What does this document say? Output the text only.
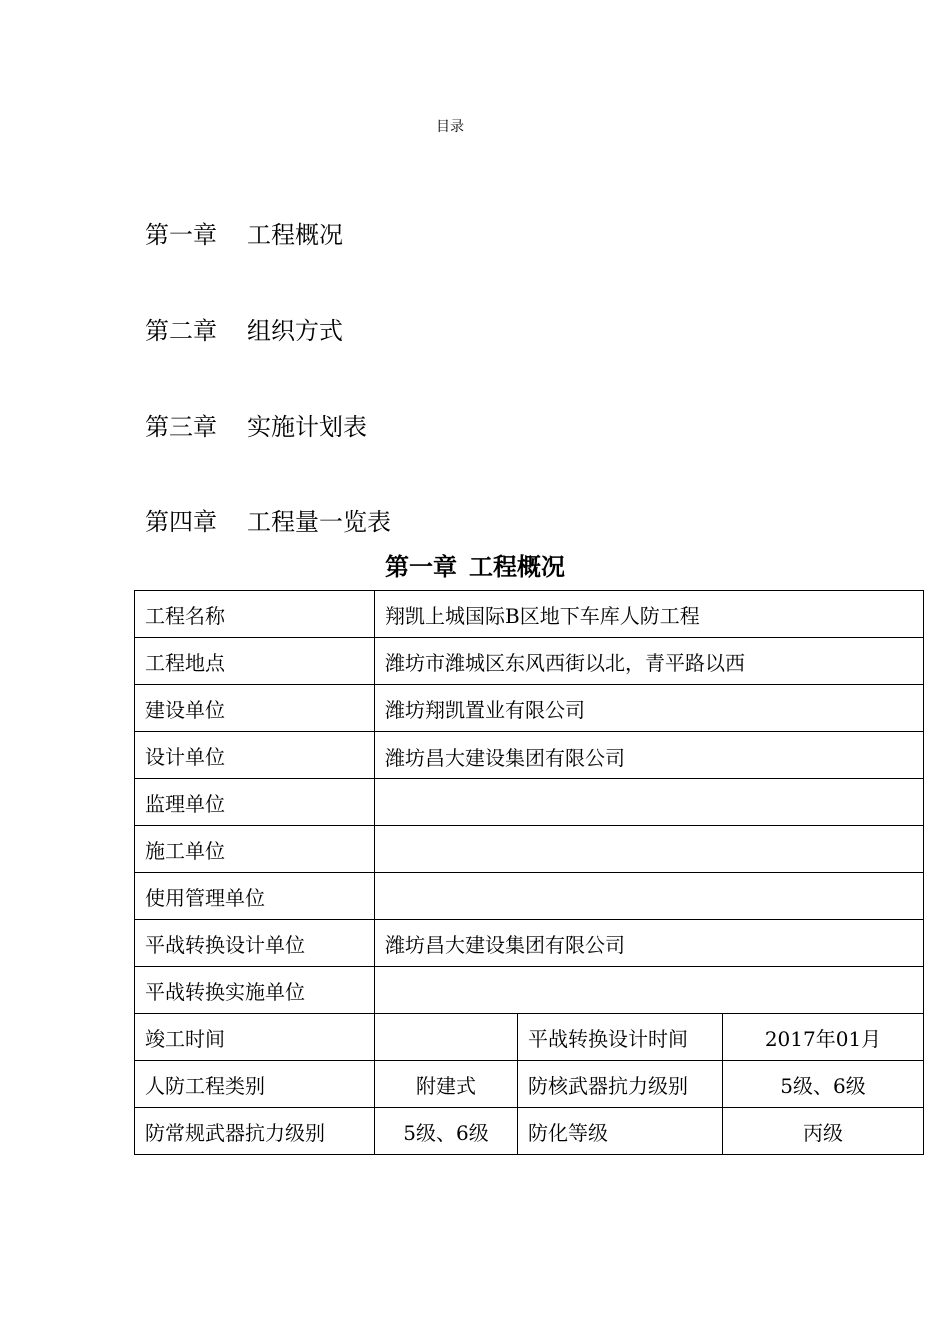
目录
第一章 工程概况
第二章 组织方式
第三章 实施计划表
第四章 工程量一览表
第一章 工程概况
工程名称	翔凯上城国际B区地下车库人防工程		
工程地点	潍坊市潍城区东风西街以北，青平路以西		
建设单位	潍坊翔凯置业有限公司		
设计单位	潍坊昌大建设集团有限公司		
监理单位			
施工单位			
使用管理单位			
平战转换设计单位	潍坊昌大建设集团有限公司		
平战转换实施单位			
竣工时间		平战转换设计时间	2017年01月
人防工程类别	附建式	防核武器抗力级别	5级、6级
防常规武器抗力级别	5级、6级	防化等级	丙级
